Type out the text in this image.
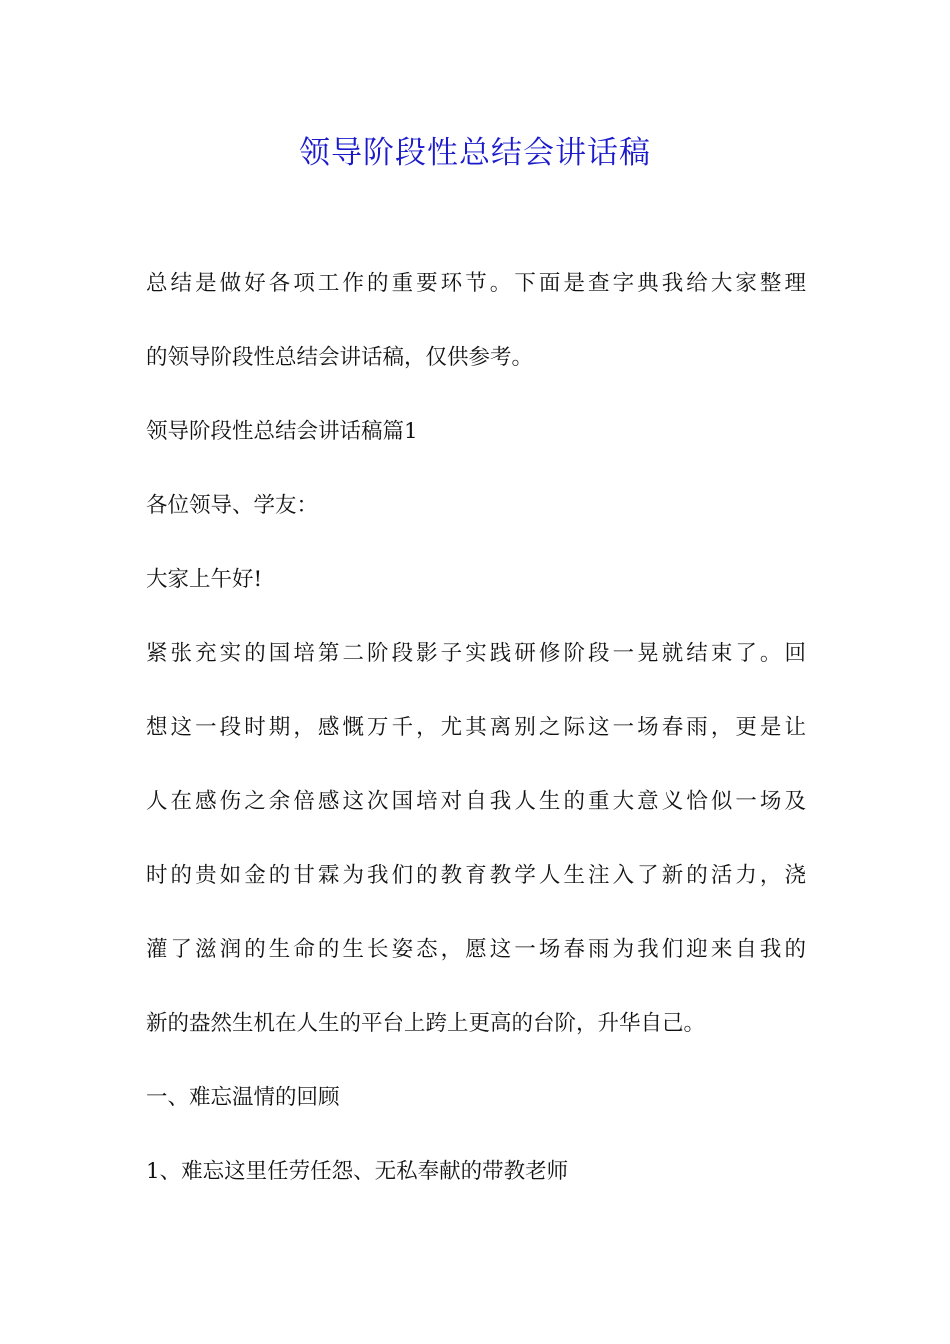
领导阶段性总结会讲话稿
总结是做好各项工作的重要环节。下面是查字典我给大家整理
的领导阶段性总结会讲话稿，仅供参考。
领导阶段性总结会讲话稿篇1
各位领导、学友：
大家上午好!
紧张充实的国培第二阶段影子实践研修阶段一晃就结束了。回
想这一段时期，感慨万千，尤其离别之际这一场春雨，更是让
人在感伤之余倍感这次国培对自我人生的重大意义恰似一场及
时的贵如金的甘霖为我们的教育教学人生注入了新的活力，浇
灌了滋润的生命的生长姿态，愿这一场春雨为我们迎来自我的
新的盎然生机在人生的平台上跨上更高的台阶，升华自己。
一、难忘温情的回顾
1、难忘这里任劳任怨、无私奉献的带教老师
